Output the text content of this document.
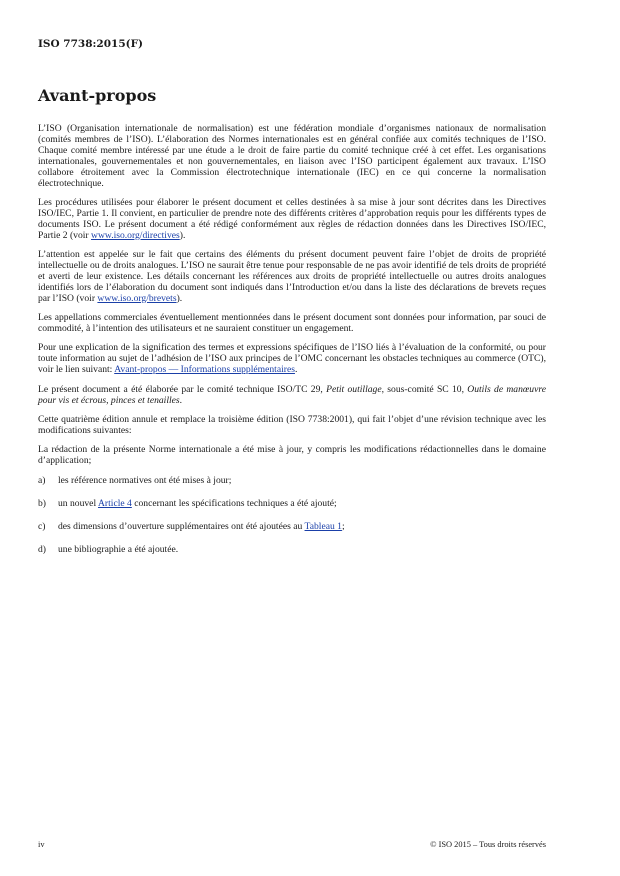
ISO 7738:2015(F)
Avant-propos

L’ISO (Organisation internationale de normalisation) est une fédération mondiale d’organismes nationaux de normalisation (comités membres de l’ISO). L’élaboration des Normes internationales est en général confiée aux comités techniques de l’ISO. Chaque comité membre intéressé par une étude a le droit de faire partie du comité technique créé à cet effet. Les organisations internationales, gouvernementales et non gouvernementales, en liaison avec l’ISO participent également aux travaux. L’ISO collabore étroitement avec la Commission électrotechnique internationale (IEC) en ce qui concerne la normalisation électrotechnique.

Les procédures utilisées pour élaborer le présent document et celles destinées à sa mise à jour sont décrites dans les Directives ISO/IEC, Partie 1. Il convient, en particulier de prendre note des différents critères d’approbation requis pour les différents types de documents ISO. Le présent document a été rédigé conformément aux règles de rédaction données dans les Directives ISO/IEC, Partie 2 (voir www.iso.org/directives).

L’attention est appelée sur le fait que certains des éléments du présent document peuvent faire l’objet de droits de propriété intellectuelle ou de droits analogues. L’ISO ne saurait être tenue pour responsable de ne pas avoir identifié de tels droits de propriété et averti de leur existence. Les détails concernant les références aux droits de propriété intellectuelle ou autres droits analogues identifiés lors de l’élaboration du document sont indiqués dans l’Introduction et/ou dans la liste des déclarations de brevets reçues par l’ISO (voir www.iso.org/brevets).

Les appellations commerciales éventuellement mentionnées dans le présent document sont données pour information, par souci de commodité, à l’intention des utilisateurs et ne sauraient constituer un engagement.

Pour une explication de la signification des termes et expressions spécifiques de l’ISO liés à l’évaluation de la conformité, ou pour toute information au sujet de l’adhésion de l’ISO aux principes de l’OMC concernant les obstacles techniques au commerce (OTC), voir le lien suivant: Avant-propos — Informations supplémentaires.

Le présent document a été élaborée par le comité technique ISO/TC 29, Petit outillage, sous-comité SC 10, Outils de manœuvre pour vis et écrous, pinces et tenailles.

Cette quatrième édition annule et remplace la troisième édition (ISO 7738:2001), qui fait l’objet d’une révision technique avec les modifications suivantes:

La rédaction de la présente Norme internationale a été mise à jour, y compris les modifications rédactionnelles dans le domaine d’application;

a)	les référence normatives ont été mises à jour;
b)	un nouvel Article 4 concernant les spécifications techniques a été ajouté;
c)	des dimensions d’ouverture supplémentaires ont été ajoutées au Tableau 1;
d)	une bibliographie a été ajoutée.
iv	© ISO 2015 – Tous droits réservés
